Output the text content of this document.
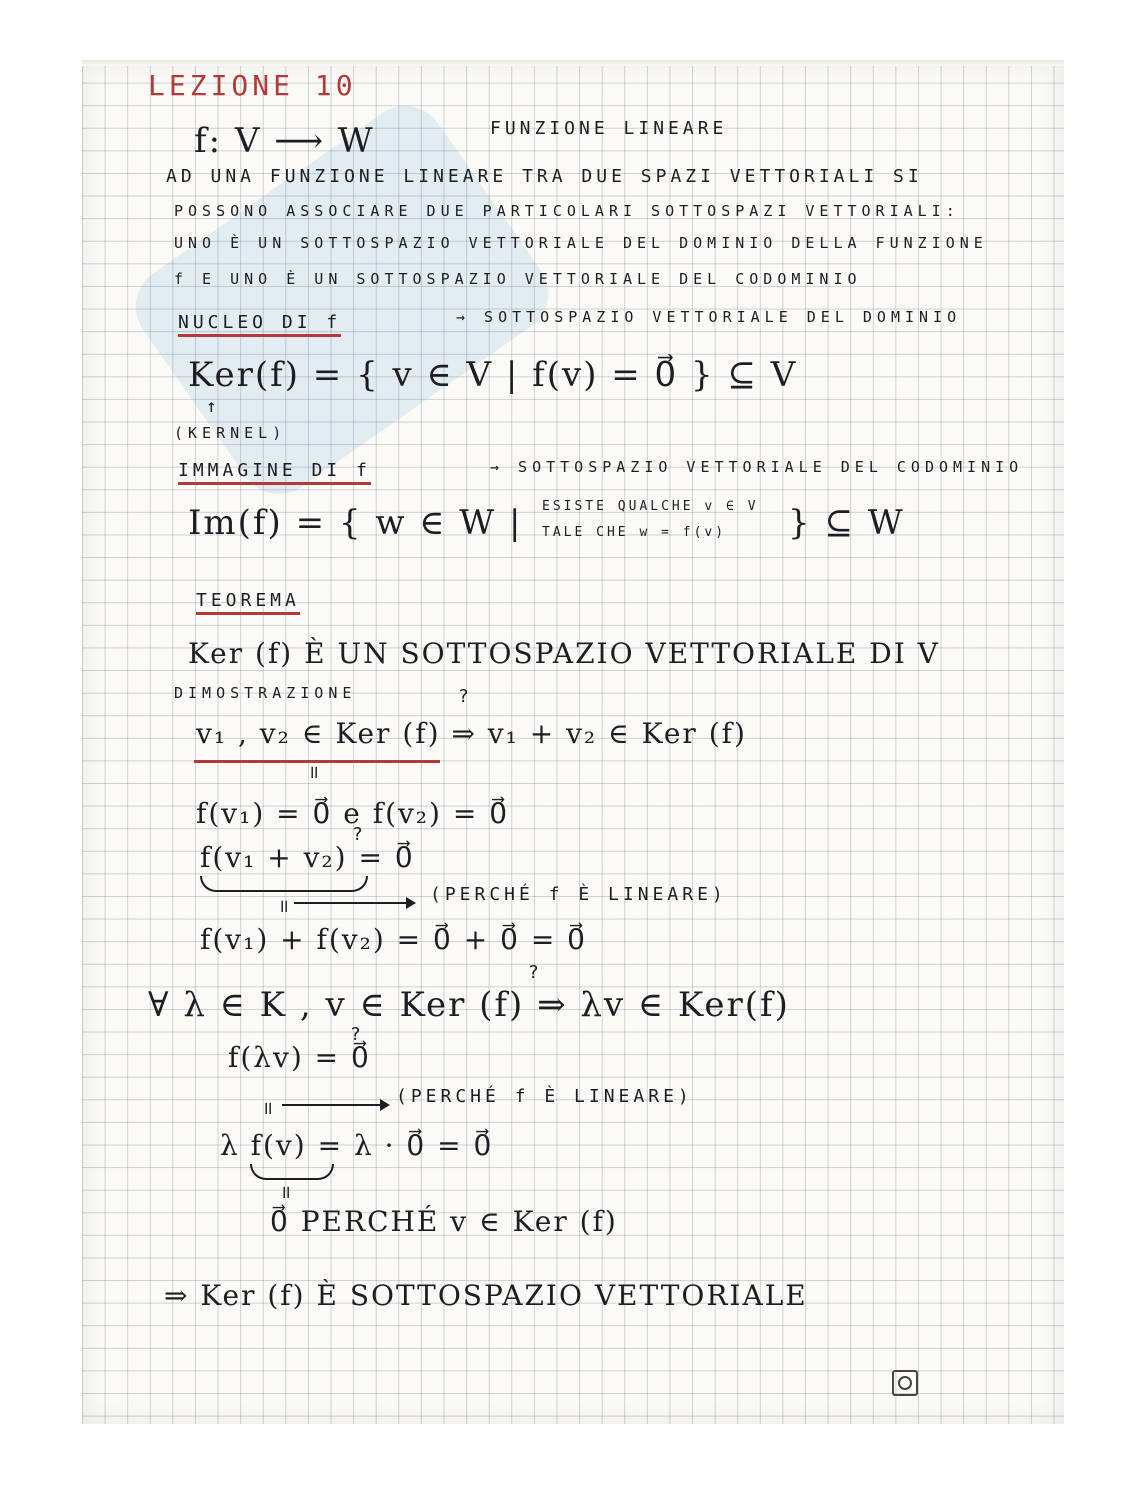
LEZIONE 10

f: V ⟶ W	FUNZIONE LINEARE

AD UNA FUNZIONE LINEARE TRA DUE SPAZI VETTORIALI SI

POSSONO ASSOCIARE DUE PARTICOLARI SOTTOSPAZI VETTORIALI:

UNO È UN SOTTOSPAZIO VETTORIALE DEL DOMINIO DELLA FUNZIONE

f E UNO È UN SOTTOSPAZIO VETTORIALE DEL CODOMINIO

NUCLEO DI f	→ SOTTOSPAZIO VETTORIALE DEL DOMINIO

Ker(f) = { v ∈ V | f(v) = 0⃗ } ⊆ V

↑

(KERNEL)

IMMAGINE DI f	→ SOTTOSPAZIO VETTORIALE DEL CODOMINIO

Im(f) = { w ∈ W | ESISTE QUALCHE v ∈ V

TALE CHE w = f(v) } ⊆ W

TEOREMA

Ker (f) È UN SOTTOSPAZIO VETTORIALE DI V

DIMOSTRAZIONE	?

v₁ , v₂ ∈ Ker (f) ⇒ v₁ + v₂ ∈ Ker (f)

॥

f(v₁) = 0⃗ e f(v₂) = 0⃗

?

f(v₁ + v₂) = 0⃗

॥

(PERCHÉ f È LINEARE)

f(v₁) + f(v₂) = 0⃗ + 0⃗ = 0⃗

?

∀ λ ∈ K , v ∈ Ker (f) ⇒ λv ∈ Ker(f)

?

f(λv) = 0⃗

॥

(PERCHÉ f È LINEARE)

λ f(v) = λ · 0⃗ = 0⃗

॥

0⃗ PERCHÉ v ∈ Ker (f)

⇒ Ker (f) È SOTTOSPAZIO VETTORIALE
